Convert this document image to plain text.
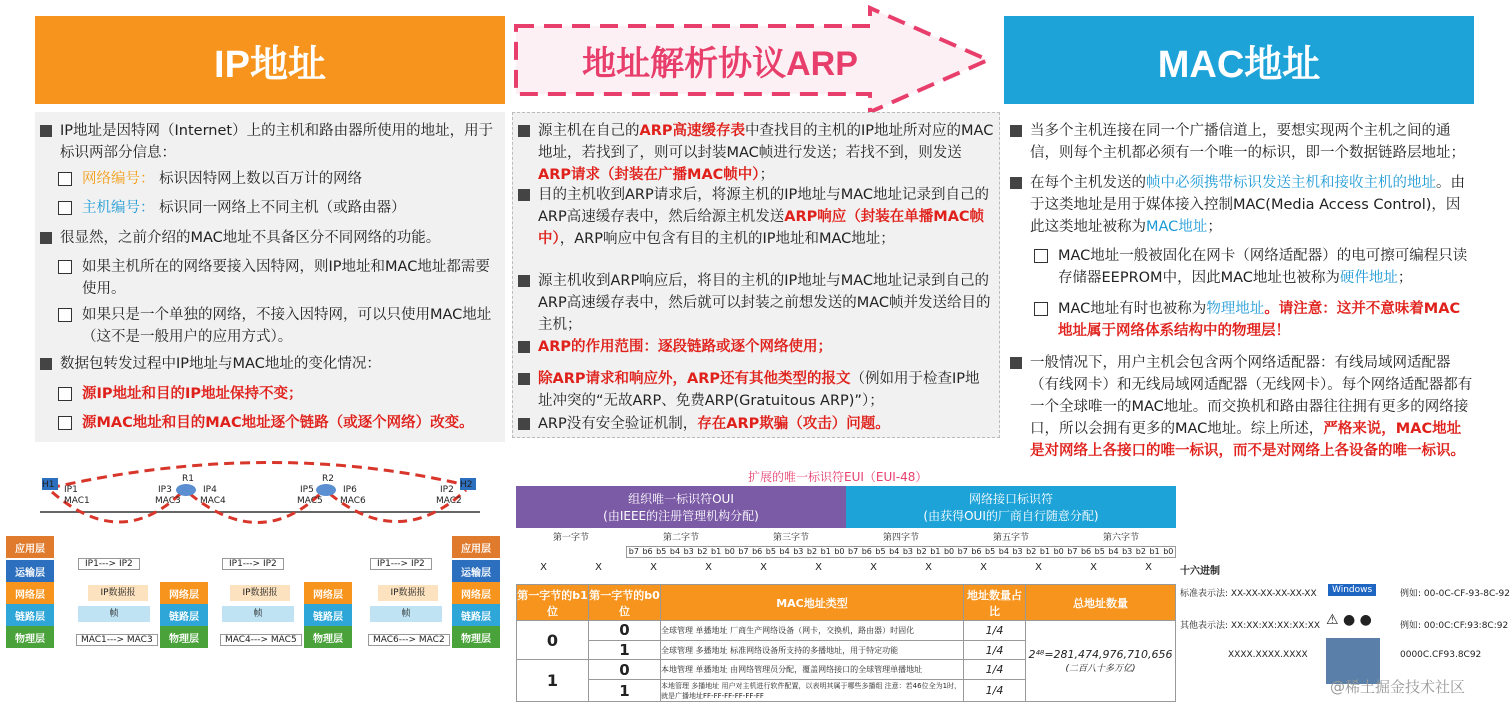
IP地址	地址解析协议ARP	MAC地址
IP地址是因特网（Internet）上的主机和路由器所使用的地址，用于标识两部分信息：
网络编号： 标识因特网上数以百万计的网络
主机编号： 标识同一网络上不同主机（或路由器）
很显然，之前介绍的MAC地址不具备区分不同网络的功能。
如果主机所在的网络要接入因特网，则IP地址和MAC地址都需要使用。
如果只是一个单独的网络，不接入因特网，可以只使用MAC地址（这不是一般用户的应用方式）。
数据包转发过程中IP地址与MAC地址的变化情况：
源IP地址和目的IP地址保持不变；
源MAC地址和目的MAC地址逐个链路（或逐个网络）改变。
H1
R1	R2
H2
IP1
MAC1
IP3
MAC3
IP4
MAC4
IP5
MAC5
IP6
MAC6
IP2
MAC2
应用层
运输层
网络层
链路层
物理层
应用层
运输层
网络层
链路层
物理层
网络层
链路层
物理层
网络层
链路层
物理层
IP1---> IP2	IP1---> IP2	IP1---> IP2
IP数据报	IP数据报	IP数据报
帧	帧	帧
MAC1---> MAC3	MAC4---> MAC5	MAC6---> MAC2
源主机在自己的ARP高速缓存表中查找目的主机的IP地址所对应的MAC地址，若找到了，则可以封装MAC帧进行发送；若找不到，则发送ARP请求（封装在广播MAC帧中）；
目的主机收到ARP请求后，将源主机的IP地址与MAC地址记录到自己的ARP高速缓存表中，然后给源主机发送ARP响应（封装在单播MAC帧中），ARP响应中包含有目的主机的IP地址和MAC地址；
源主机收到ARP响应后，将目的主机的IP地址与MAC地址记录到自己的ARP高速缓存表中，然后就可以封装之前想发送的MAC帧并发送给目的主机；
ARP的作用范围：逐段链路或逐个网络使用；
除ARP请求和响应外，ARP还有其他类型的报文（例如用于检查IP地址冲突的“无故ARP、免费ARP(Gratuitous ARP)”）；
ARP没有安全验证机制，存在ARP欺骗（攻击）问题。
当多个主机连接在同一个广播信道上，要想实现两个主机之间的通信，则每个主机都必须有一个唯一的标识，即一个数据链路层地址；
在每个主机发送的帧中必须携带标识发送主机和接收主机的地址。由于这类地址是用于媒体接入控制MAC(Media Access Control)，因此这类地址被称为MAC地址；
MAC地址一般被固化在网卡（网络适配器）的电可擦可编程只读存储器EEPROM中，因此MAC地址也被称为硬件地址；
MAC地址有时也被称为物理地址。请注意：这并不意味着MAC地址属于网络体系结构中的物理层！
一般情况下，用户主机会包含两个网络适配器：有线局域网适配器（有线网卡）和无线局域网适配器（无线网卡）。每个网络适配器都有一个全球唯一的MAC地址。而交换机和路由器往往拥有更多的网络接口，所以会拥有更多的MAC地址。综上所述，严格来说，MAC地址是对网络上各接口的唯一标识，而不是对网络上各设备的唯一标识。
扩展的唯一标识符EUI（EUI-48）
组织唯一标识符OUI
(由IEEE的注册管理机构分配)
网络接口标识符
(由获得OUI的厂商自行随意分配)
第一字节	第二字节	第三字节	第四字节	第五字节	第六字节
b7 b6 b5 b4 b3 b2 b1 b0 b7 b6 b5 b4 b3 b2 b1 b0 b7 b6 b5 b4 b3 b2 b1 b0 b7 b6 b5 b4 b3 b2 b1 b0 b7 b6 b5 b4 b3 b2 b1 b0
X	X	X	X	X	X	X	X	X	X	X	X	十六进制
第一字节的b1位	第一字节的b0位	MAC地址类型	地址数量占比	总地址数量
0	0	全球管理 单播地址 厂商生产网络设备（网卡，交换机，路由器）时固化	1/4	2⁴⁸=281,474,976,710,656
(二百八十多万亿)

	1	全球管理 多播地址 标准网络设备所支持的多播地址，用于特定功能	1/4	
1	0	本地管理 单播地址 由网络管理员分配，覆盖网络接口的全球管理单播地址	1/4	
	1	本地管理 多播地址 用户对主机进行软件配置，以表明其属于哪些多播组 注意：若46位全为1时，就是广播地址FF-FF-FF-FF-FF-FF	1/4	
标准表示法: XX-XX-XX-XX-XX-XX	Windows	例如: 00-0C-CF-93-8C-92
其他表示法: XX:XX:XX:XX:XX:XX ⚠ ● ●	例如: 00:0C:CF:93:8C:92
XXXX.XXXX.XXXX	0000C.CF93.8C92
@稀土掘金技术社区
